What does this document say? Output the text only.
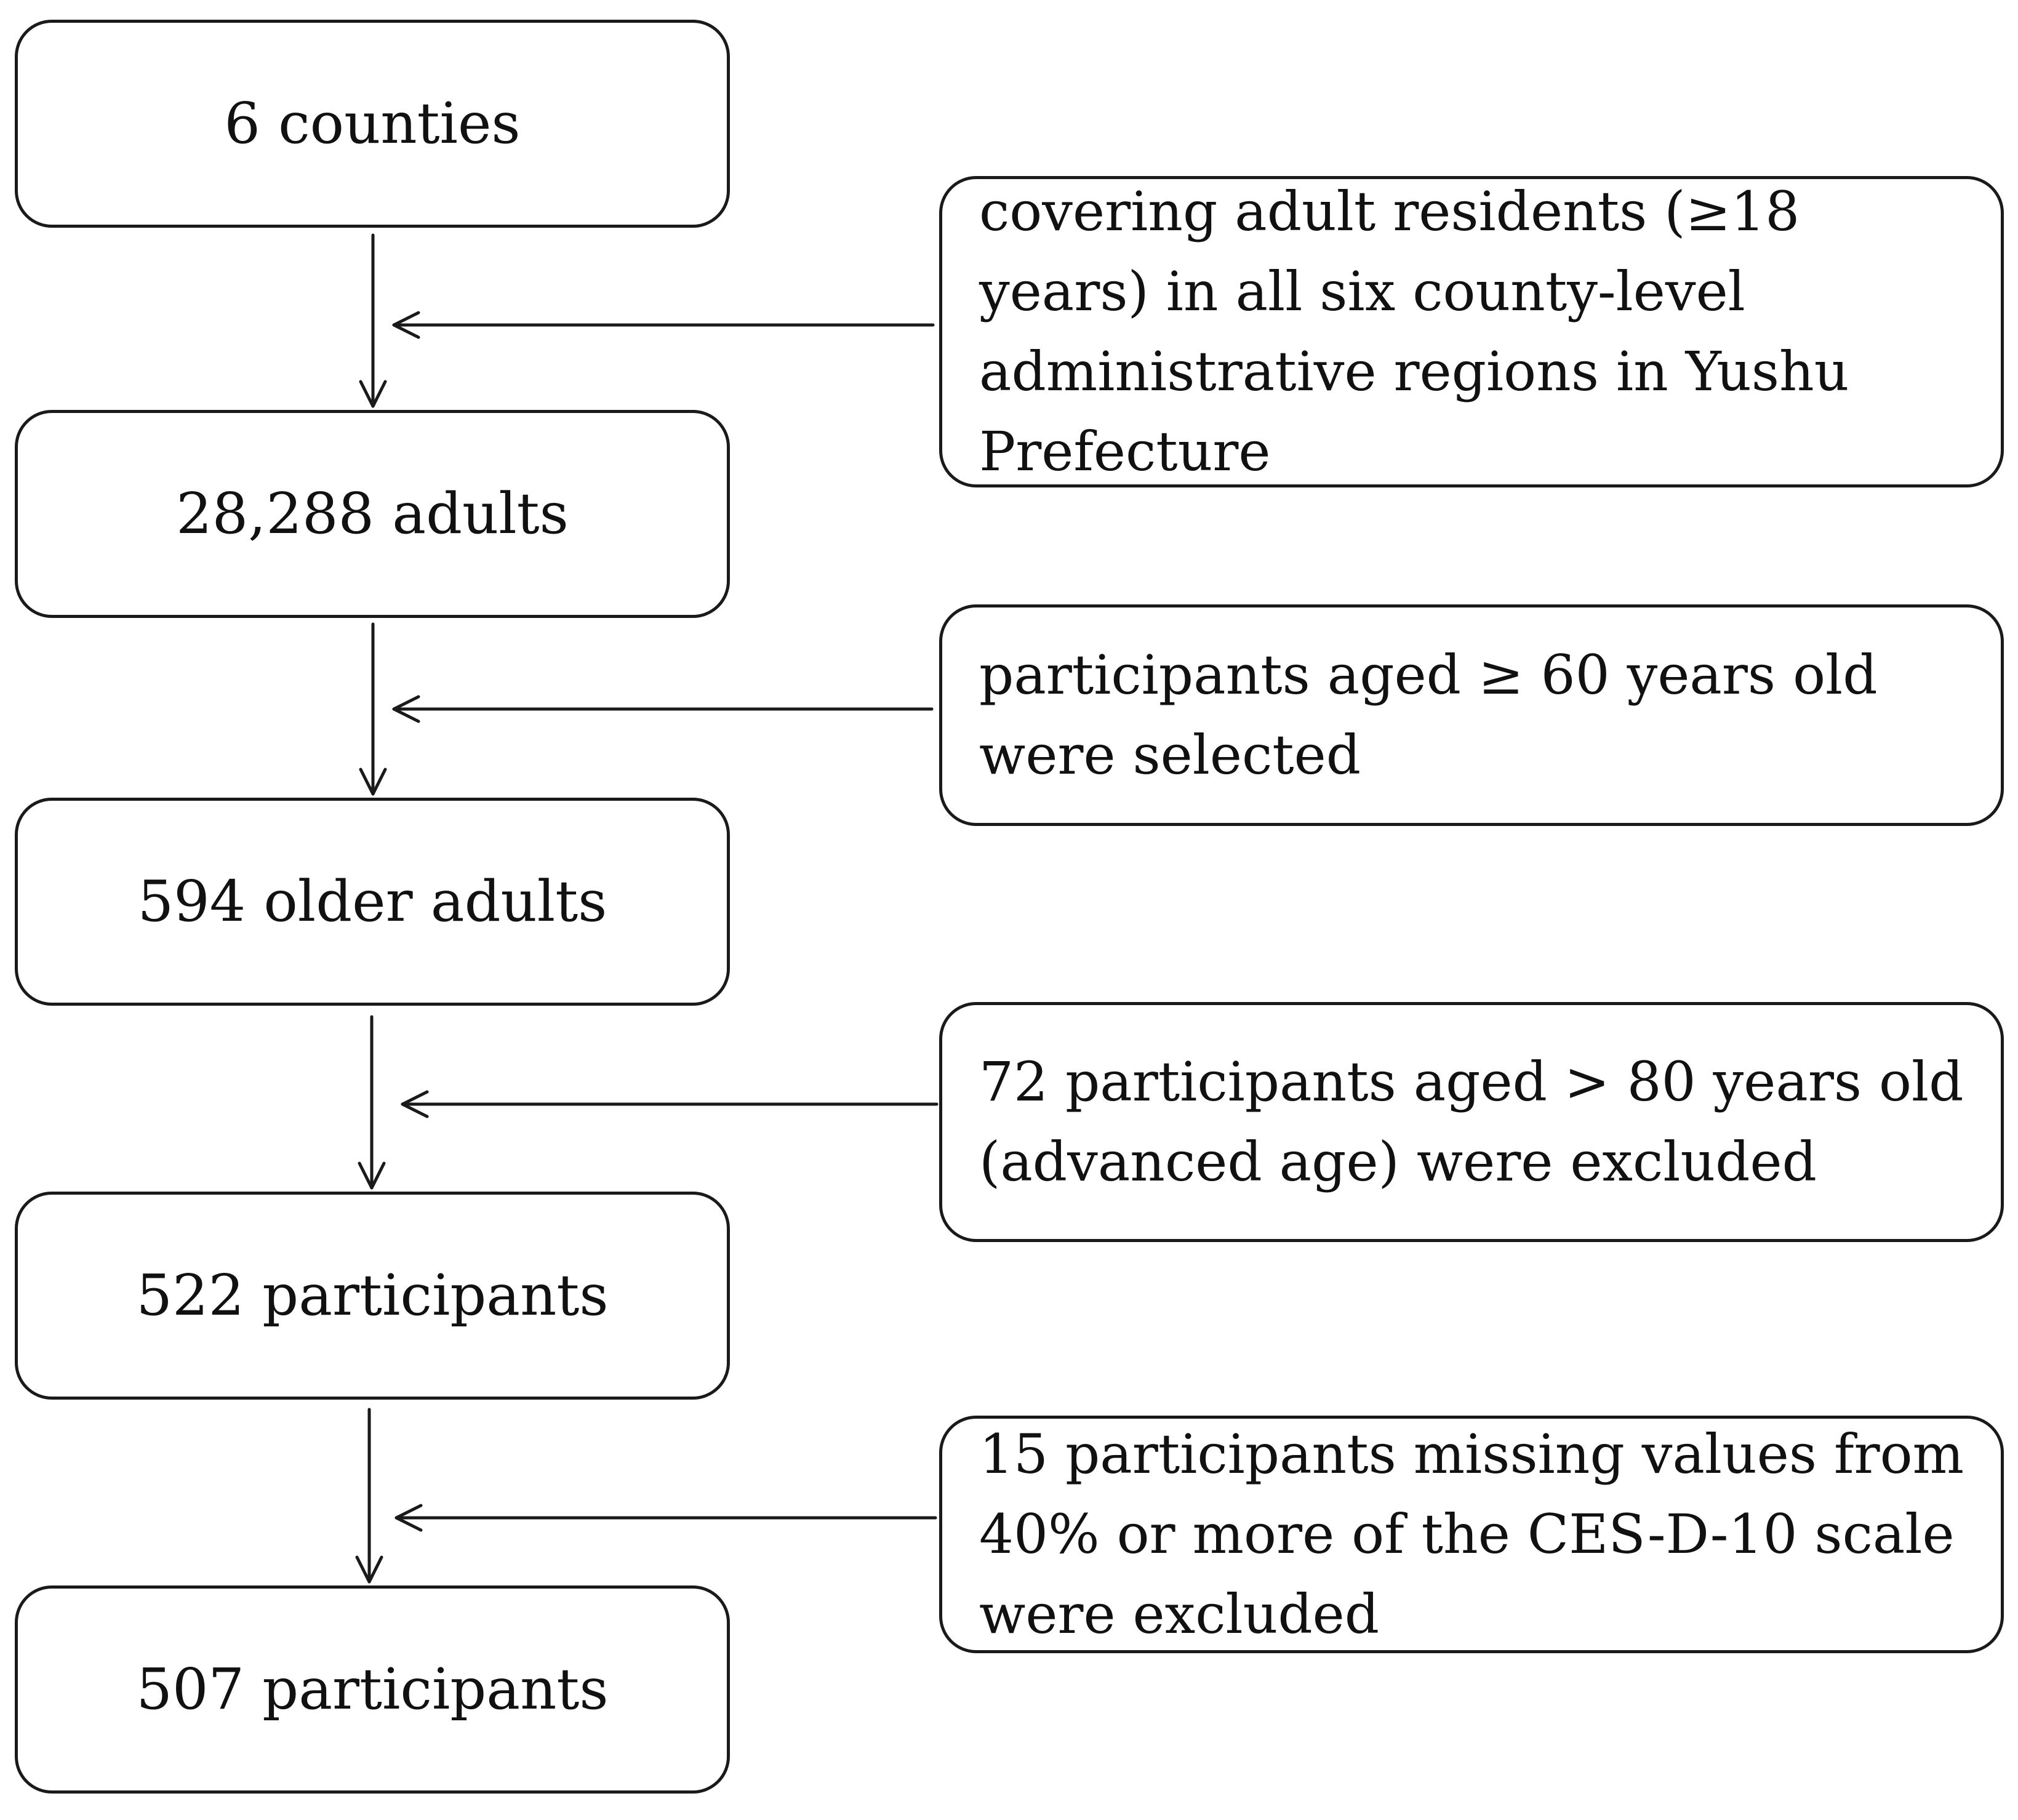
6 counties
28,288 adults
594 older adults
522 participants
507 participants
covering adult residents (≥18 years) in all six county-level administrative regions in Yushu Prefecture
participants aged ≥ 60 years old were selected
72 participants aged > 80 years old (advanced age) were excluded
15 participants missing values from 40% or more of the CES-D-10 scale were excluded
